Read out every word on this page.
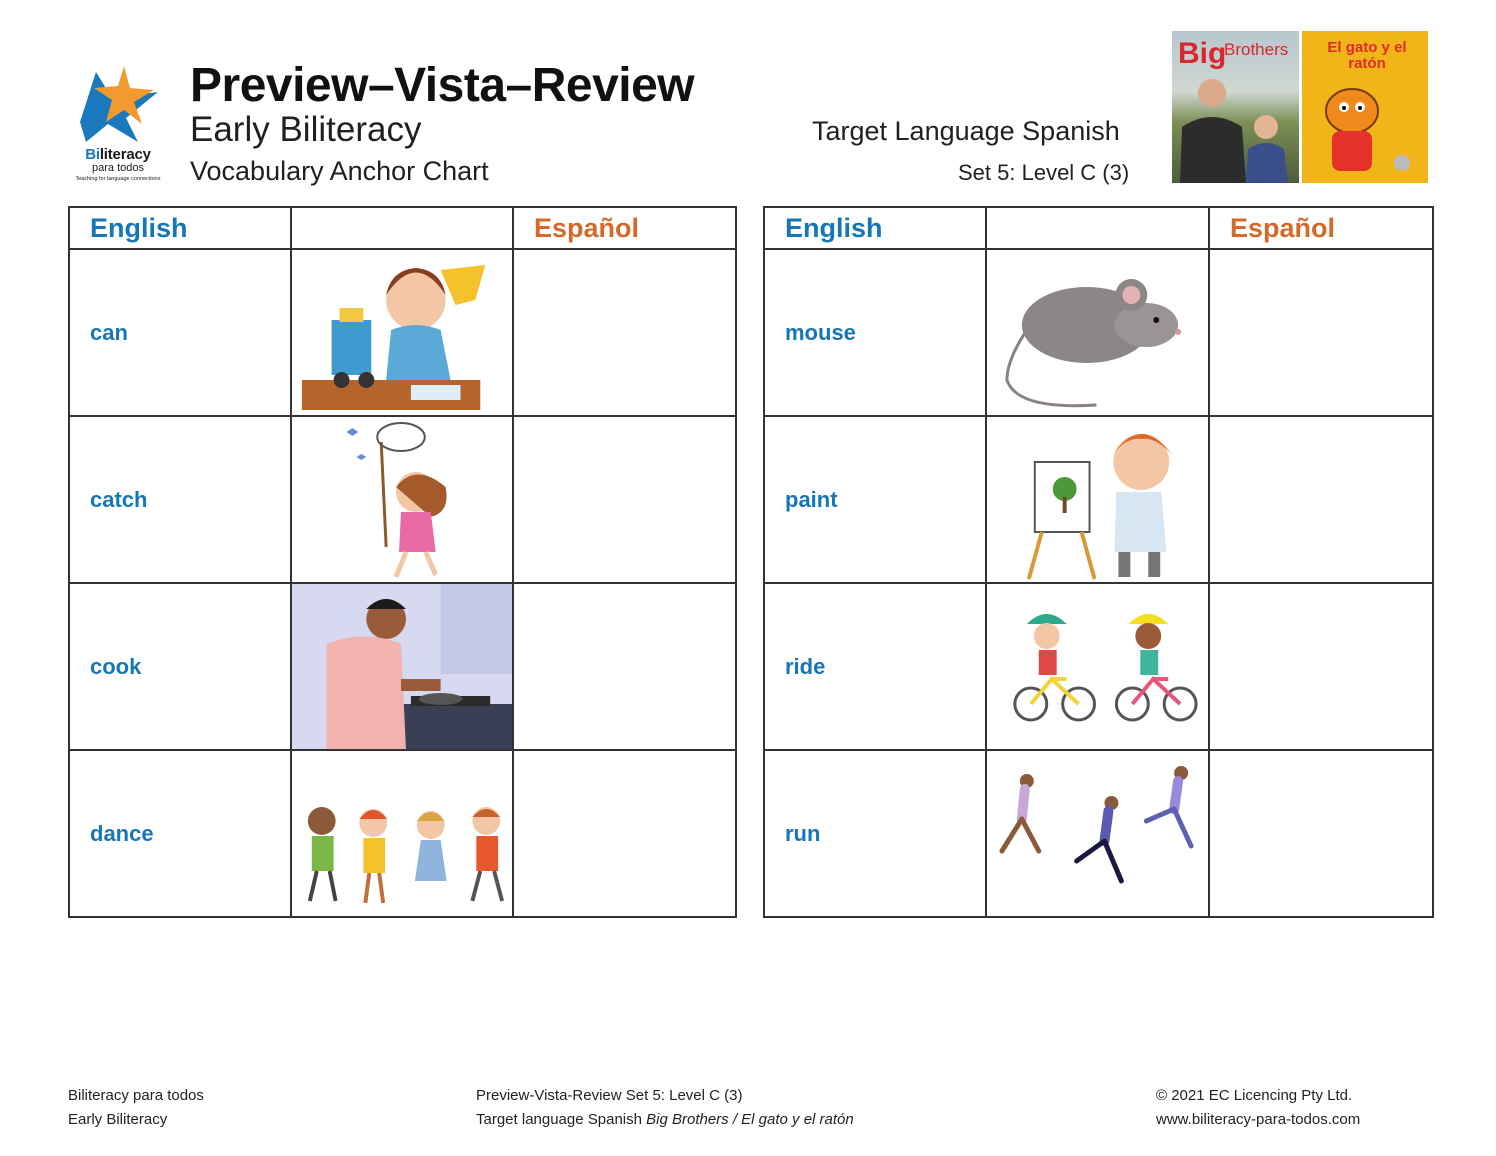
Biliteracy
para todos
Teaching for language connections
Preview–Vista–Review
Early Biliteracy
Vocabulary Anchor Chart
Target Language Spanish
Set 5: Level C (3)
Big
Brothers	El gato y el ratón
English		Español
can	

catch	

cook	

dance	

English		Español
mouse	

paint	

ride	

run	

Biliteracy para todos
Early Biliteracy
Preview-Vista-Review Set 5: Level C (3)
Target language Spanish Big Brothers / El gato y el ratón
© 2021 EC Licencing Pty Ltd.
www.biliteracy-para-todos.com
